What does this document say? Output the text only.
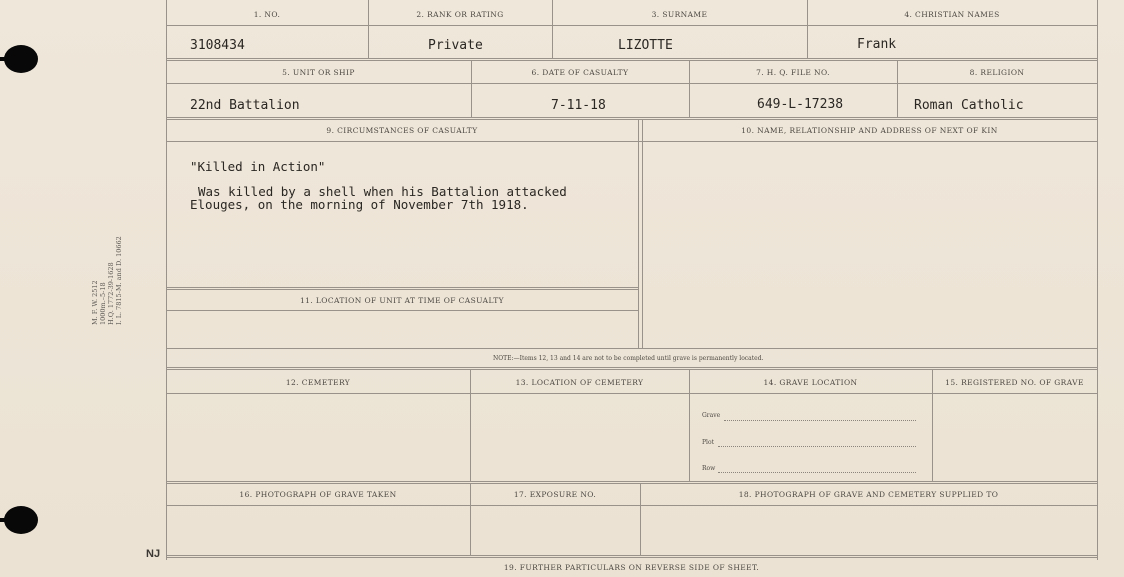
M. F. W. 2512 1000m.–5-18 H.Q. 1772-39-1628 I. L. 7815-M. and D. 10662
1. NO.	2. RANK OR RATING	3. SURNAME	4. CHRISTIAN NAMES
3108434	Private	LIZOTTE	Frank
5. UNIT OR SHIP	6. DATE OF CASUALTY	7. H. Q. FILE NO.	8. RELIGION
22nd Battalion	7-11-18	649-L-17238	Roman Catholic
9. CIRCUMSTANCES OF CASUALTY	10. NAME, RELATIONSHIP AND ADDRESS OF NEXT OF KIN
"Killed in Action"
Was killed by a shell when his Battalion attacked
Elouges, on the morning of November 7th 1918.
11. LOCATION OF UNIT AT TIME OF CASUALTY
NOTE:—Items 12, 13 and 14 are not to be completed until grave is permanently located.
12. CEMETERY	13. LOCATION OF CEMETERY	14. GRAVE LOCATION	15. REGISTERED NO. OF GRAVE
Grave
Plot
Row
16. PHOTOGRAPH OF GRAVE TAKEN	17. EXPOSURE NO.	18. PHOTOGRAPH OF GRAVE AND CEMETERY SUPPLIED TO
19. FURTHER PARTICULARS ON REVERSE SIDE OF SHEET.
NJ
